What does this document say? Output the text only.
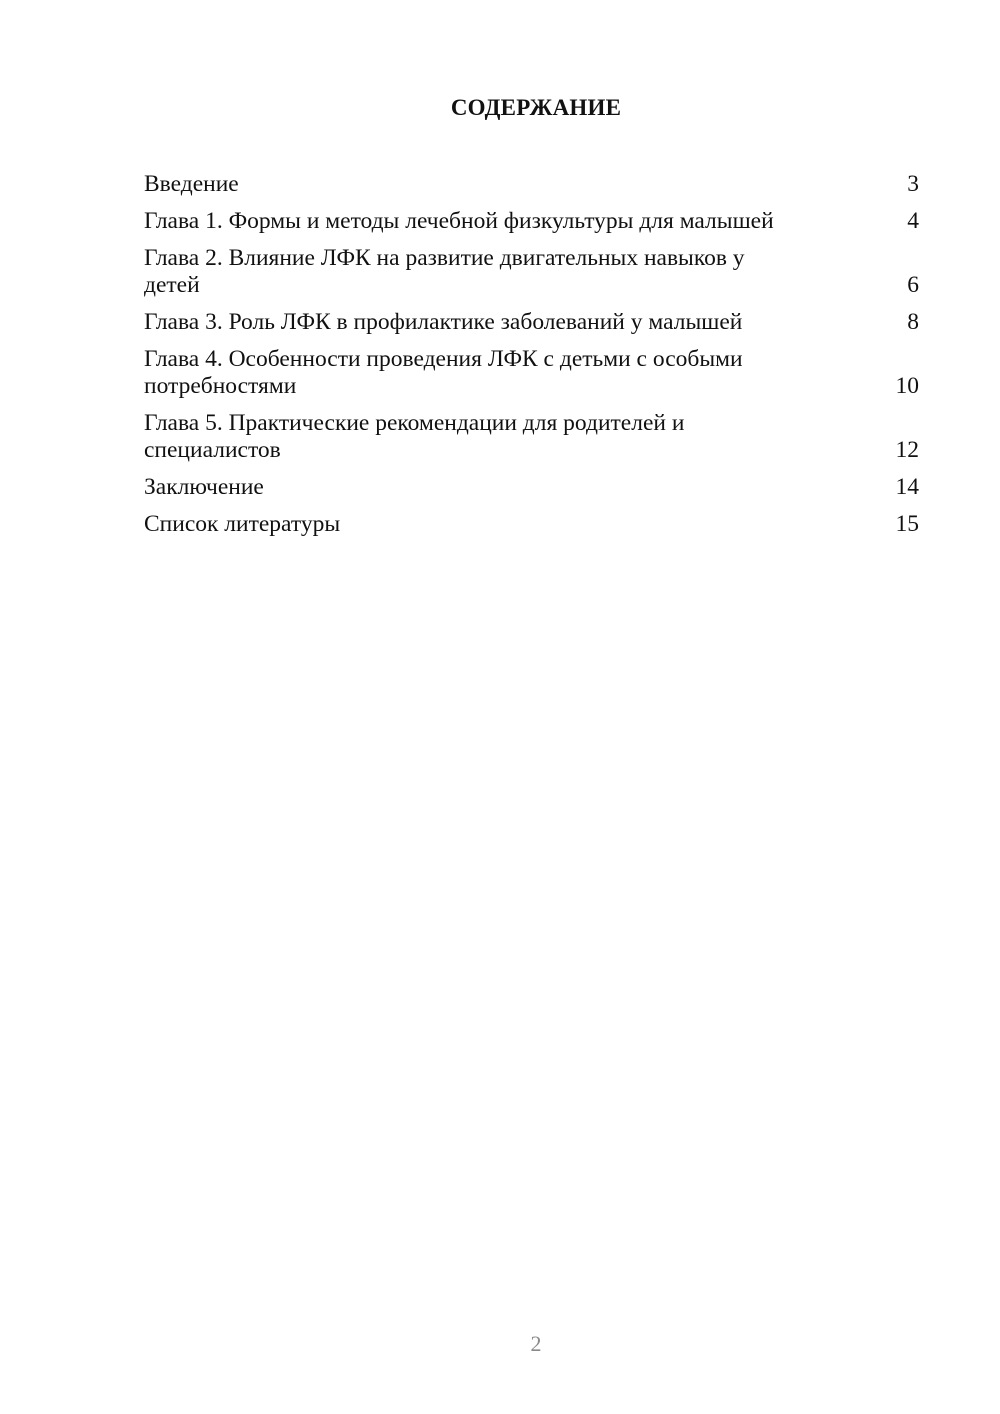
СОДЕРЖАНИЕ
Введение	3
Глава 1. Формы и методы лечебной физкультуры для малышей	4
Глава 2. Влияние ЛФК на развитие двигательных навыков у детей	6
Глава 3. Роль ЛФК в профилактике заболеваний у малышей	8
Глава 4. Особенности проведения ЛФК с детьми с особыми потребностями	10
Глава 5. Практические рекомендации для родителей и специалистов	12
Заключение	14
Список литературы	15
2
